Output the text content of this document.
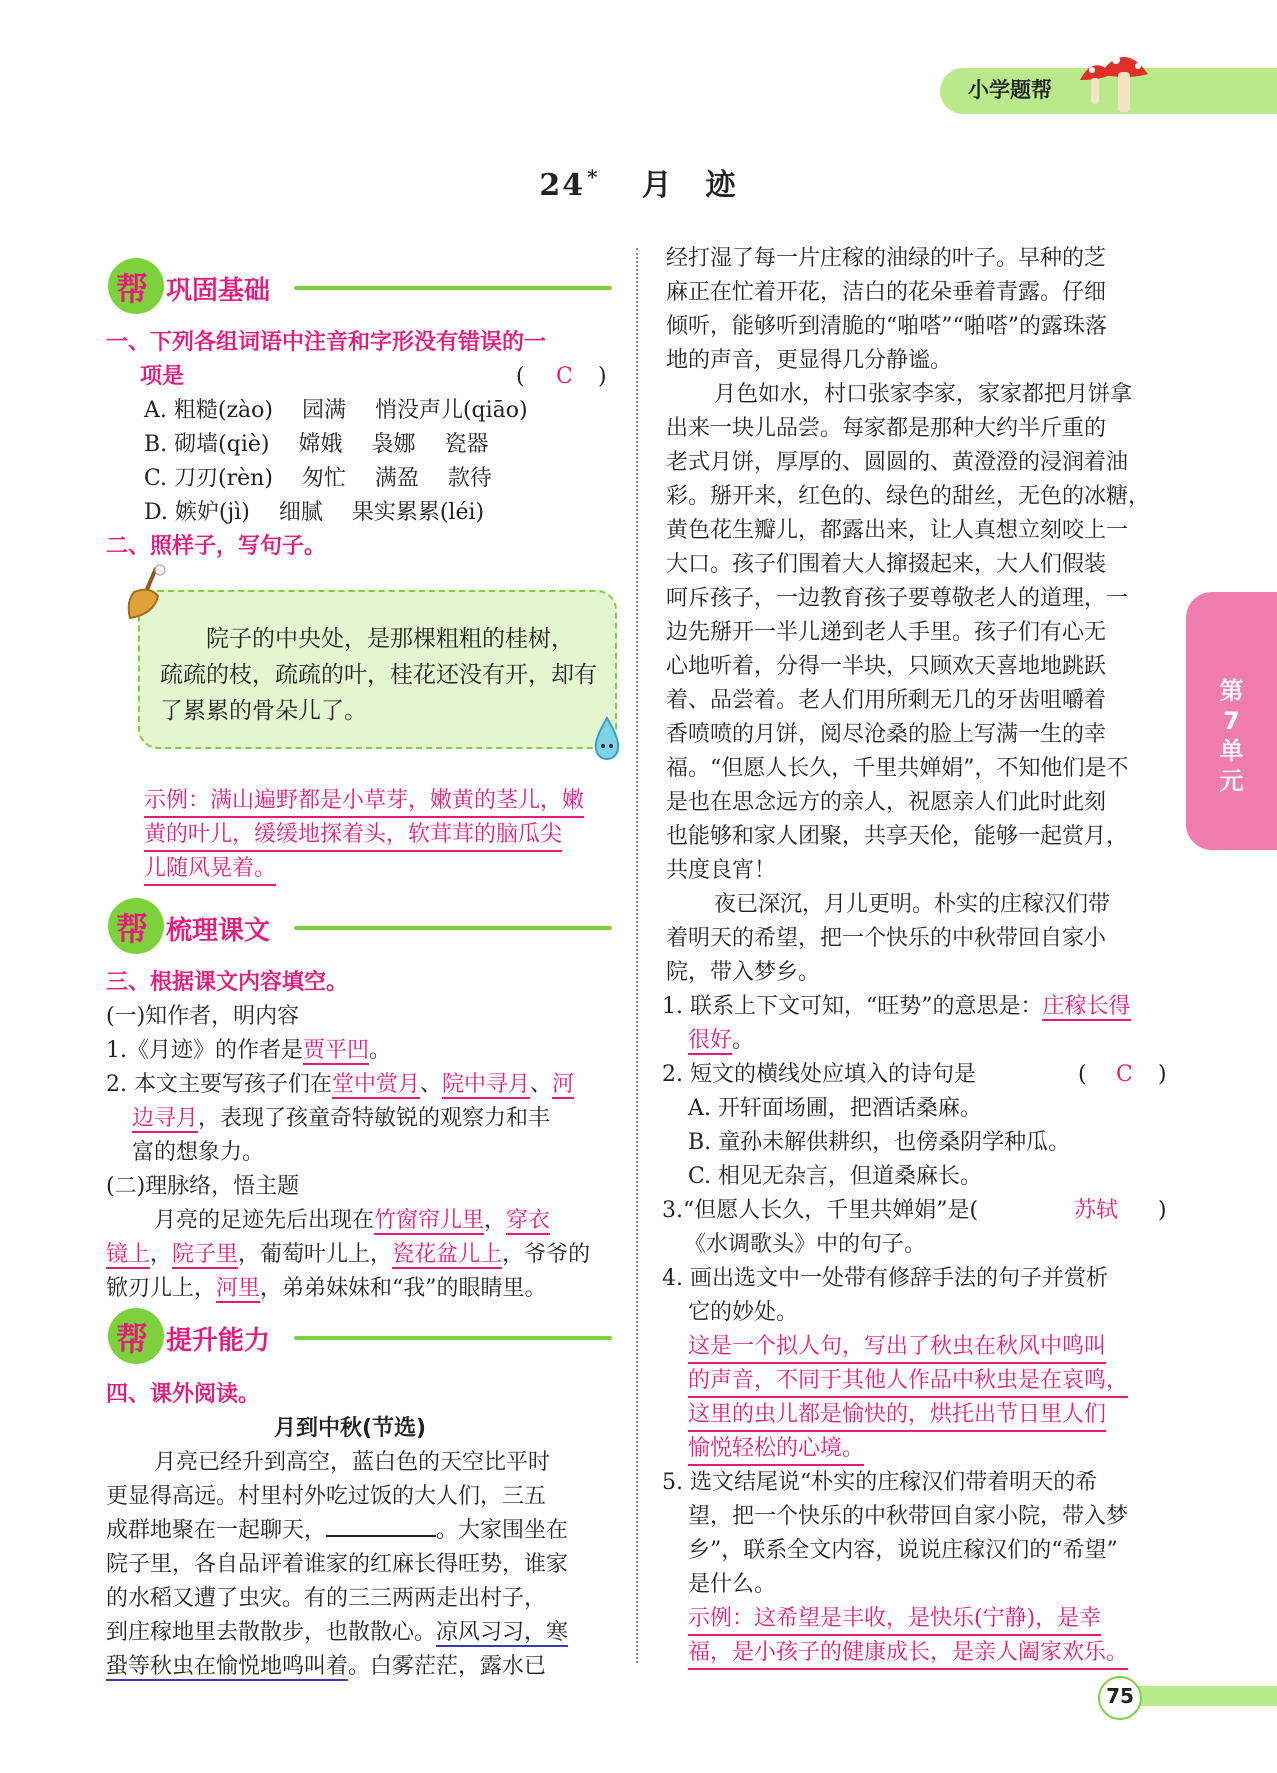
小学题帮
24 * 月　迹
帮 巩固基础
一、下列各组词语中注音和字形没有错误的一
项是	( C )
A. 粗糙(zào)　 园满　 悄没声儿(qiāo)
B. 砌墙(qiè)　 嫦娥　 袅娜　 瓷器
C. 刀刃(rèn)　 匆忙　 满盈　 款待
D. 嫉妒(jì)　 细腻　 果实累累(léi)
二、照样子，写句子。
院子的中央处，是那棵粗粗的桂树，
疏疏的枝，疏疏的叶，桂花还没有开，却有
了累累的骨朵儿了。
示例：满山遍野都是小草芽，嫩黄的茎儿，嫩
黄的叶儿，缓缓地探着头，软茸茸的脑瓜尖
儿随风晃着。
帮 梳理课文
三、根据课文内容填空。
(一)知作者，明内容
1.《月迹》的作者是贾平凹。
2. 本文主要写孩子们在堂中赏月、院中寻月、河
边寻月，表现了孩童奇特敏锐的观察力和丰
富的想象力。
(二)理脉络，悟主题
月亮的足迹先后出现在竹窗帘儿里，穿衣
镜上，院子里，葡萄叶儿上，瓷花盆儿上，爷爷的
锨刃儿上，河里，弟弟妹妹和“我”的眼睛里。
帮 提升能力
四、课外阅读。
月到中秋(节选)
月亮已经升到高空，蓝白色的天空比平时
更显得高远。村里村外吃过饭的大人们，三五
成群地聚在一起聊天，	。大家围坐在
院子里，各自品评着谁家的红麻长得旺势，谁家
的水稻又遭了虫灾。有的三三两两走出村子，
到庄稼地里去散散步，也散散心。凉风习习，寒
蛩等秋虫在愉悦地鸣叫着。白雾茫茫，露水已
经打湿了每一片庄稼的油绿的叶子。早种的芝
麻正在忙着开花，洁白的花朵垂着青露。仔细
倾听，能够听到清脆的“啪嗒”“啪嗒”的露珠落
地的声音，更显得几分静谧。
月色如水，村口张家李家，家家都把月饼拿
出来一块儿品尝。每家都是那种大约半斤重的
老式月饼，厚厚的、圆圆的、黄澄澄的浸润着油
彩。掰开来，红色的、绿色的甜丝，无色的冰糖，
黄色花生瓣儿，都露出来，让人真想立刻咬上一
大口。孩子们围着大人撺掇起来，大人们假装
呵斥孩子，一边教育孩子要尊敬老人的道理，一
边先掰开一半儿递到老人手里。孩子们有心无
心地听着，分得一半块，只顾欢天喜地地跳跃
着、品尝着。老人们用所剩无几的牙齿咀嚼着
香喷喷的月饼，阅尽沧桑的脸上写满一生的幸
福。“但愿人长久，千里共婵娟”，不知他们是不
是也在思念远方的亲人，祝愿亲人们此时此刻
也能够和家人团聚，共享天伦，能够一起赏月，
共度良宵！
夜已深沉，月儿更明。朴实的庄稼汉们带
着明天的希望，把一个快乐的中秋带回自家小
院，带入梦乡。
1. 联系上下文可知，“旺势”的意思是：庄稼长得
很好。
2. 短文的横线处应填入的诗句是	( C )
A. 开轩面场圃，把酒话桑麻。
B. 童孙未解供耕织，也傍桑阴学种瓜。
C. 相见无杂言，但道桑麻长。
3.“但愿人长久，千里共婵娟”是(	苏轼 )
《水调歌头》中的句子。
4. 画出选文中一处带有修辞手法的句子并赏析
它的妙处。
这是一个拟人句，写出了秋虫在秋风中鸣叫
的声音，不同于其他人作品中秋虫是在哀鸣，
这里的虫儿都是愉快的，烘托出节日里人们
愉悦轻松的心境。
5. 选文结尾说“朴实的庄稼汉们带着明天的希
望，把一个快乐的中秋带回自家小院，带入梦
乡”，联系全文内容，说说庄稼汉们的“希望”
是什么。
示例：这希望是丰收，是快乐(宁静)，是幸
福，是小孩子的健康成长，是亲人阖家欢乐。
第
7
单
元
75
